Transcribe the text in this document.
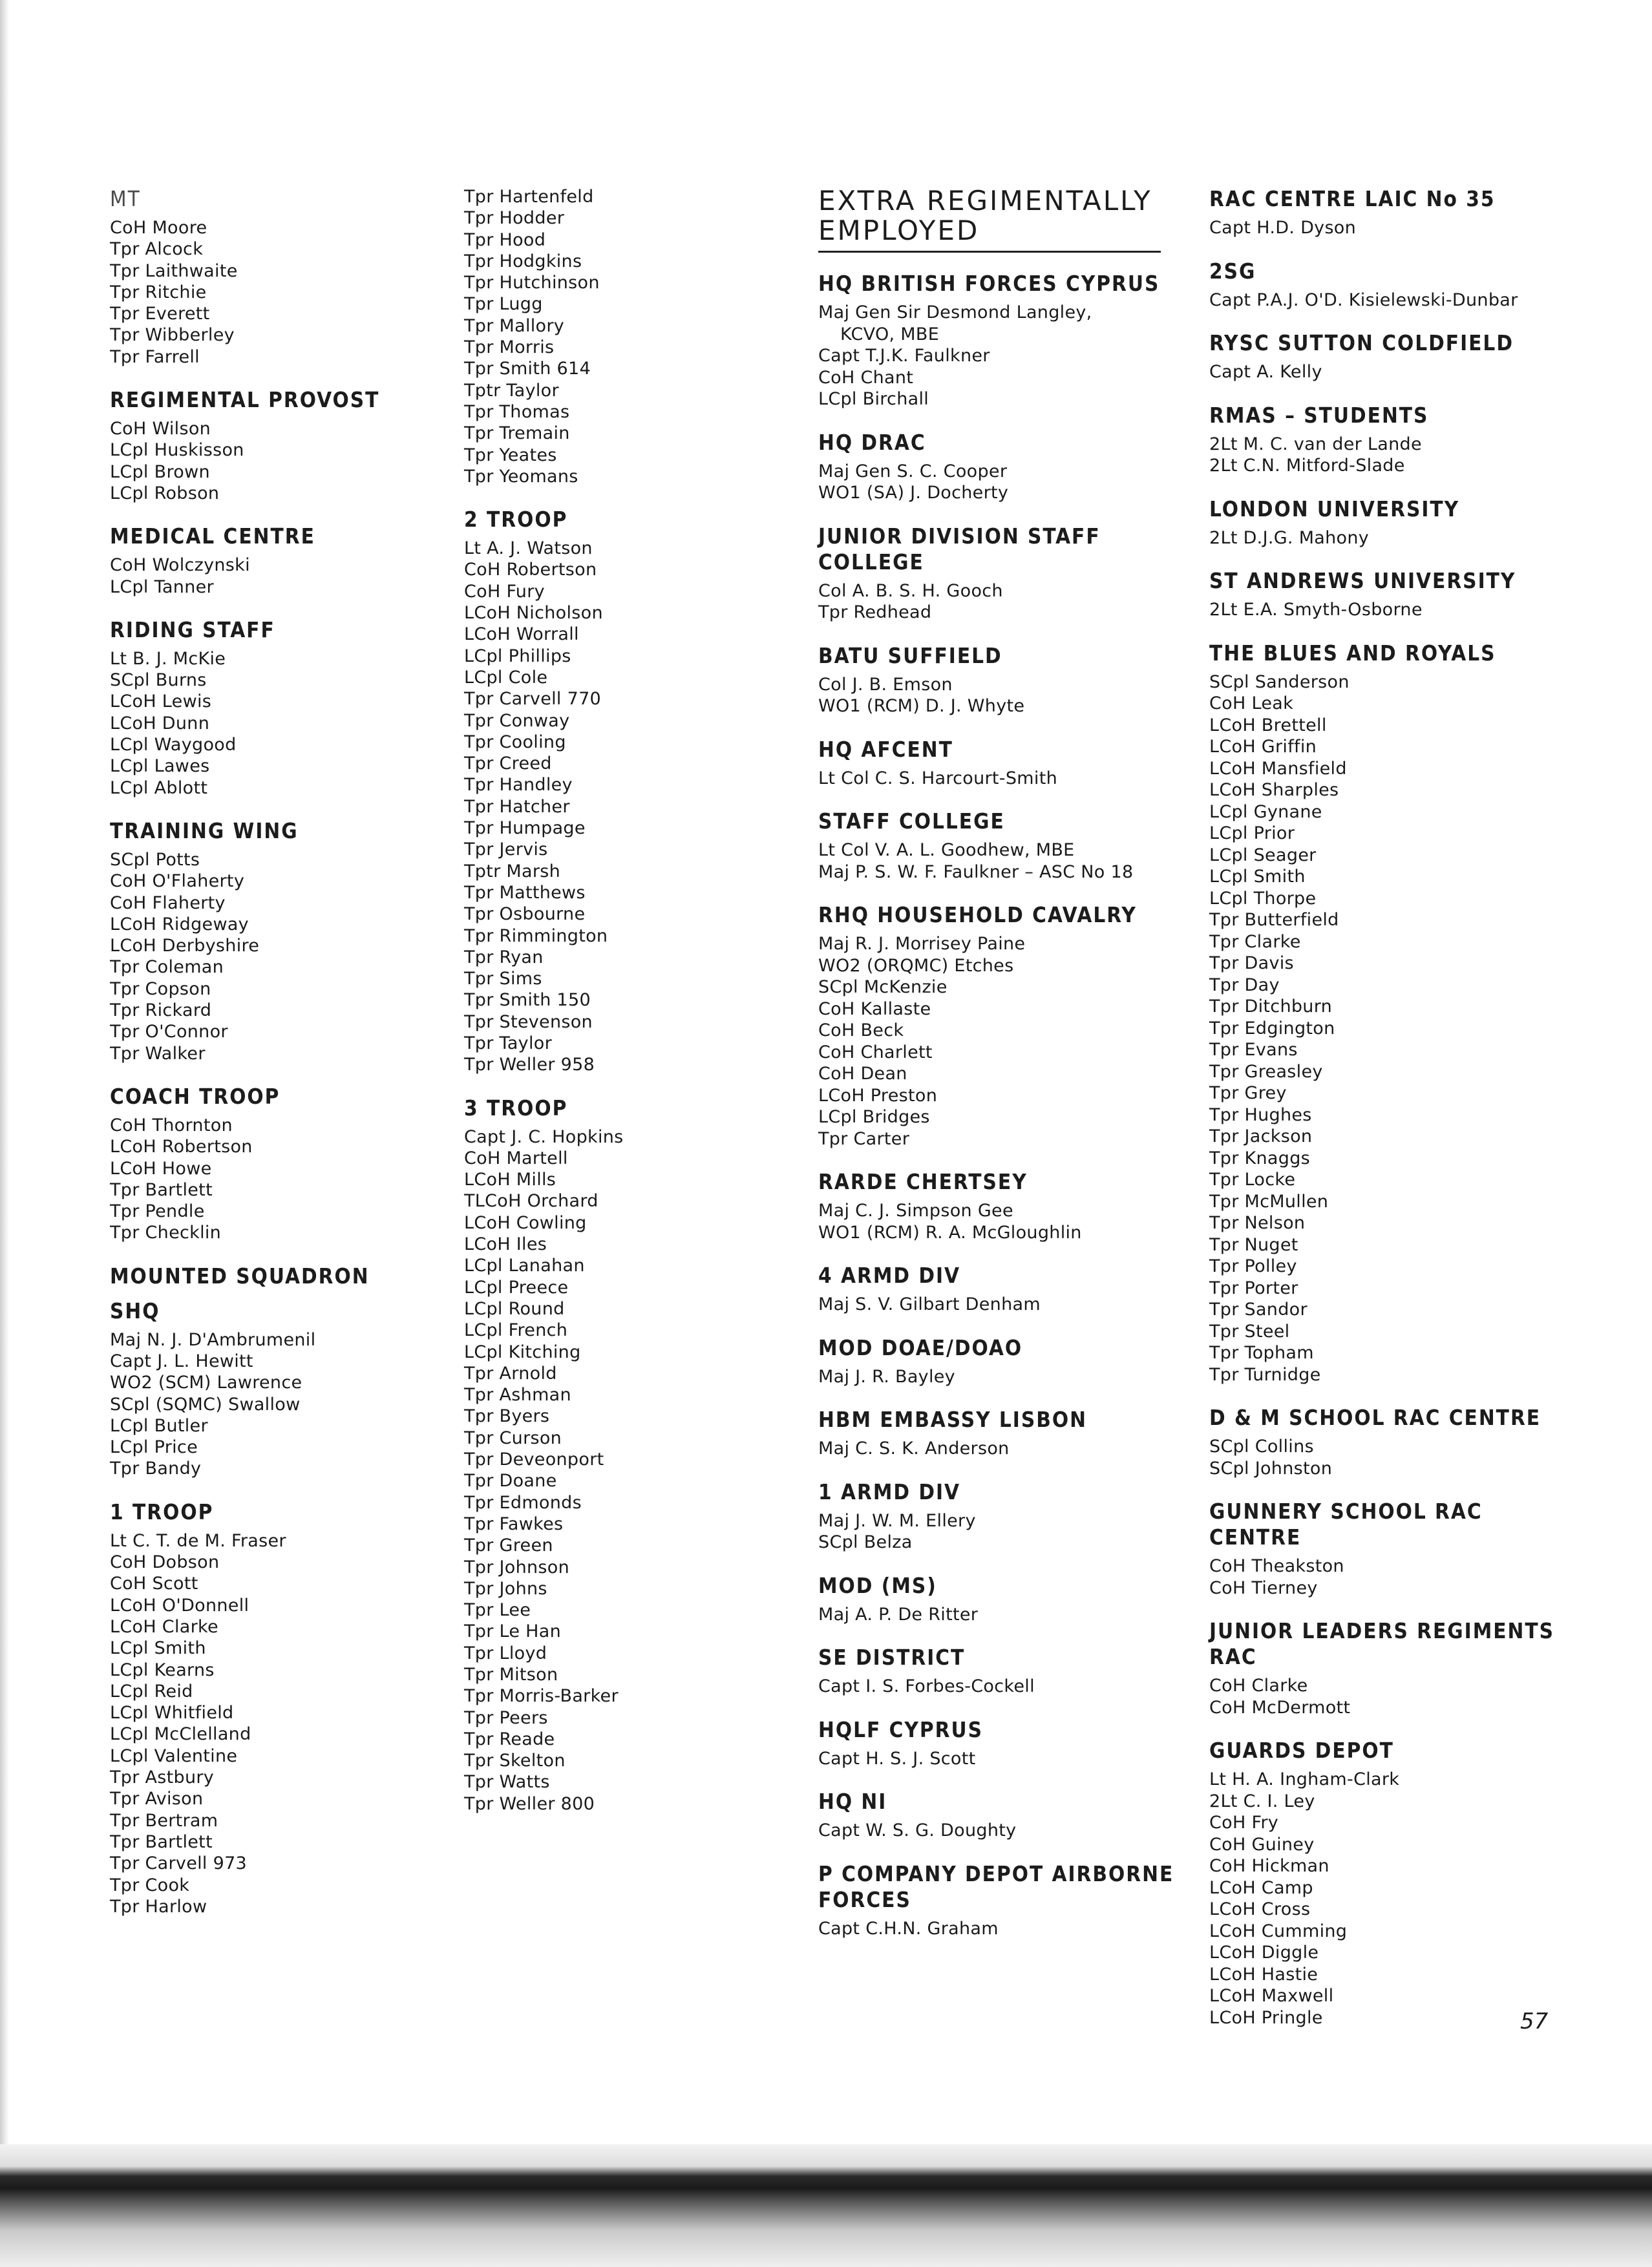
MT
CoH Moore
Tpr Alcock
Tpr Laithwaite
Tpr Ritchie
Tpr Everett
Tpr Wibberley
Tpr Farrell
REGIMENTAL PROVOST
CoH Wilson
LCpl Huskisson
LCpl Brown
LCpl Robson
MEDICAL CENTRE
CoH Wolczynski
LCpl Tanner
RIDING STAFF
Lt B. J. McKie
SCpl Burns
LCoH Lewis
LCoH Dunn
LCpl Waygood
LCpl Lawes
LCpl Ablott
TRAINING WING
SCpl Potts
CoH O'Flaherty
CoH Flaherty
LCoH Ridgeway
LCoH Derbyshire
Tpr Coleman
Tpr Copson
Tpr Rickard
Tpr O'Connor
Tpr Walker
COACH TROOP
CoH Thornton
LCoH Robertson
LCoH Howe
Tpr Bartlett
Tpr Pendle
Tpr Checklin
MOUNTED SQUADRON
SHQ
Maj N. J. D'Ambrumenil
Capt J. L. Hewitt
WO2 (SCM) Lawrence
SCpl (SQMC) Swallow
LCpl Butler
LCpl Price
Tpr Bandy
1 TROOP
Lt C. T. de M. Fraser
CoH Dobson
CoH Scott
LCoH O'Donnell
LCoH Clarke
LCpl Smith
LCpl Kearns
LCpl Reid
LCpl Whitfield
LCpl McClelland
LCpl Valentine
Tpr Astbury
Tpr Avison
Tpr Bertram
Tpr Bartlett
Tpr Carvell 973
Tpr Cook
Tpr Harlow
Tpr Hartenfeld
Tpr Hodder
Tpr Hood
Tpr Hodgkins
Tpr Hutchinson
Tpr Lugg
Tpr Mallory
Tpr Morris
Tpr Smith 614
Tptr Taylor
Tpr Thomas
Tpr Tremain
Tpr Yeates
Tpr Yeomans
2 TROOP
Lt A. J. Watson
CoH Robertson
CoH Fury
LCoH Nicholson
LCoH Worrall
LCpl Phillips
LCpl Cole
Tpr Carvell 770
Tpr Conway
Tpr Cooling
Tpr Creed
Tpr Handley
Tpr Hatcher
Tpr Humpage
Tpr Jervis
Tptr Marsh
Tpr Matthews
Tpr Osbourne
Tpr Rimmington
Tpr Ryan
Tpr Sims
Tpr Smith 150
Tpr Stevenson
Tpr Taylor
Tpr Weller 958
3 TROOP
Capt J. C. Hopkins
CoH Martell
LCoH Mills
TLCoH Orchard
LCoH Cowling
LCoH Iles
LCpl Lanahan
LCpl Preece
LCpl Round
LCpl French
LCpl Kitching
Tpr Arnold
Tpr Ashman
Tpr Byers
Tpr Curson
Tpr Deveonport
Tpr Doane
Tpr Edmonds
Tpr Fawkes
Tpr Green
Tpr Johnson
Tpr Johns
Tpr Lee
Tpr Le Han
Tpr Lloyd
Tpr Mitson
Tpr Morris-Barker
Tpr Peers
Tpr Reade
Tpr Skelton
Tpr Watts
Tpr Weller 800
EXTRA REGIMENTALLY
EMPLOYED
HQ BRITISH FORCES CYPRUS
Maj Gen Sir Desmond Langley,
KCVO, MBE
Capt T.J.K. Faulkner
CoH Chant
LCpl Birchall
HQ DRAC
Maj Gen S. C. Cooper
WO1 (SA) J. Docherty
JUNIOR DIVISION STAFF COLLEGE
Col A. B. S. H. Gooch
Tpr Redhead
BATU SUFFIELD
Col J. B. Emson
WO1 (RCM) D. J. Whyte
HQ AFCENT
Lt Col C. S. Harcourt-Smith
STAFF COLLEGE
Lt Col V. A. L. Goodhew, MBE
Maj P. S. W. F. Faulkner – ASC No 18
RHQ HOUSEHOLD CAVALRY
Maj R. J. Morrisey Paine
WO2 (ORQMC) Etches
SCpl McKenzie
CoH Kallaste
CoH Beck
CoH Charlett
CoH Dean
LCoH Preston
LCpl Bridges
Tpr Carter
RARDE CHERTSEY
Maj C. J. Simpson Gee
WO1 (RCM) R. A. McGloughlin
4 ARMD DIV
Maj S. V. Gilbart Denham
MOD DOAE/DOAO
Maj J. R. Bayley
HBM EMBASSY LISBON
Maj C. S. K. Anderson
1 ARMD DIV
Maj J. W. M. Ellery
SCpl Belza
MOD (MS)
Maj A. P. De Ritter
SE DISTRICT
Capt I. S. Forbes-Cockell
HQLF CYPRUS
Capt H. S. J. Scott
HQ NI
Capt W. S. G. Doughty
P COMPANY DEPOT AIRBORNE FORCES
Capt C.H.N. Graham
RAC CENTRE LAIC No 35
Capt H.D. Dyson
2SG
Capt P.A.J. O'D. Kisielewski-Dunbar
RYSC SUTTON COLDFIELD
Capt A. Kelly
RMAS – STUDENTS
2Lt M. C. van der Lande
2Lt C.N. Mitford-Slade
LONDON UNIVERSITY
2Lt D.J.G. Mahony
ST ANDREWS UNIVERSITY
2Lt E.A. Smyth-Osborne
THE BLUES AND ROYALS
SCpl Sanderson
CoH Leak
LCoH Brettell
LCoH Griffin
LCoH Mansfield
LCoH Sharples
LCpl Gynane
LCpl Prior
LCpl Seager
LCpl Smith
LCpl Thorpe
Tpr Butterfield
Tpr Clarke
Tpr Davis
Tpr Day
Tpr Ditchburn
Tpr Edgington
Tpr Evans
Tpr Greasley
Tpr Grey
Tpr Hughes
Tpr Jackson
Tpr Knaggs
Tpr Locke
Tpr McMullen
Tpr Nelson
Tpr Nuget
Tpr Polley
Tpr Porter
Tpr Sandor
Tpr Steel
Tpr Topham
Tpr Turnidge
D & M SCHOOL RAC CENTRE
SCpl Collins
SCpl Johnston
GUNNERY SCHOOL RAC CENTRE
CoH Theakston
CoH Tierney
JUNIOR LEADERS REGIMENTS RAC
CoH Clarke
CoH McDermott
GUARDS DEPOT
Lt H. A. Ingham-Clark
2Lt C. I. Ley
CoH Fry
CoH Guiney
CoH Hickman
LCoH Camp
LCoH Cross
LCoH Cumming
LCoH Diggle
LCoH Hastie
LCoH Maxwell
LCoH Pringle	57
